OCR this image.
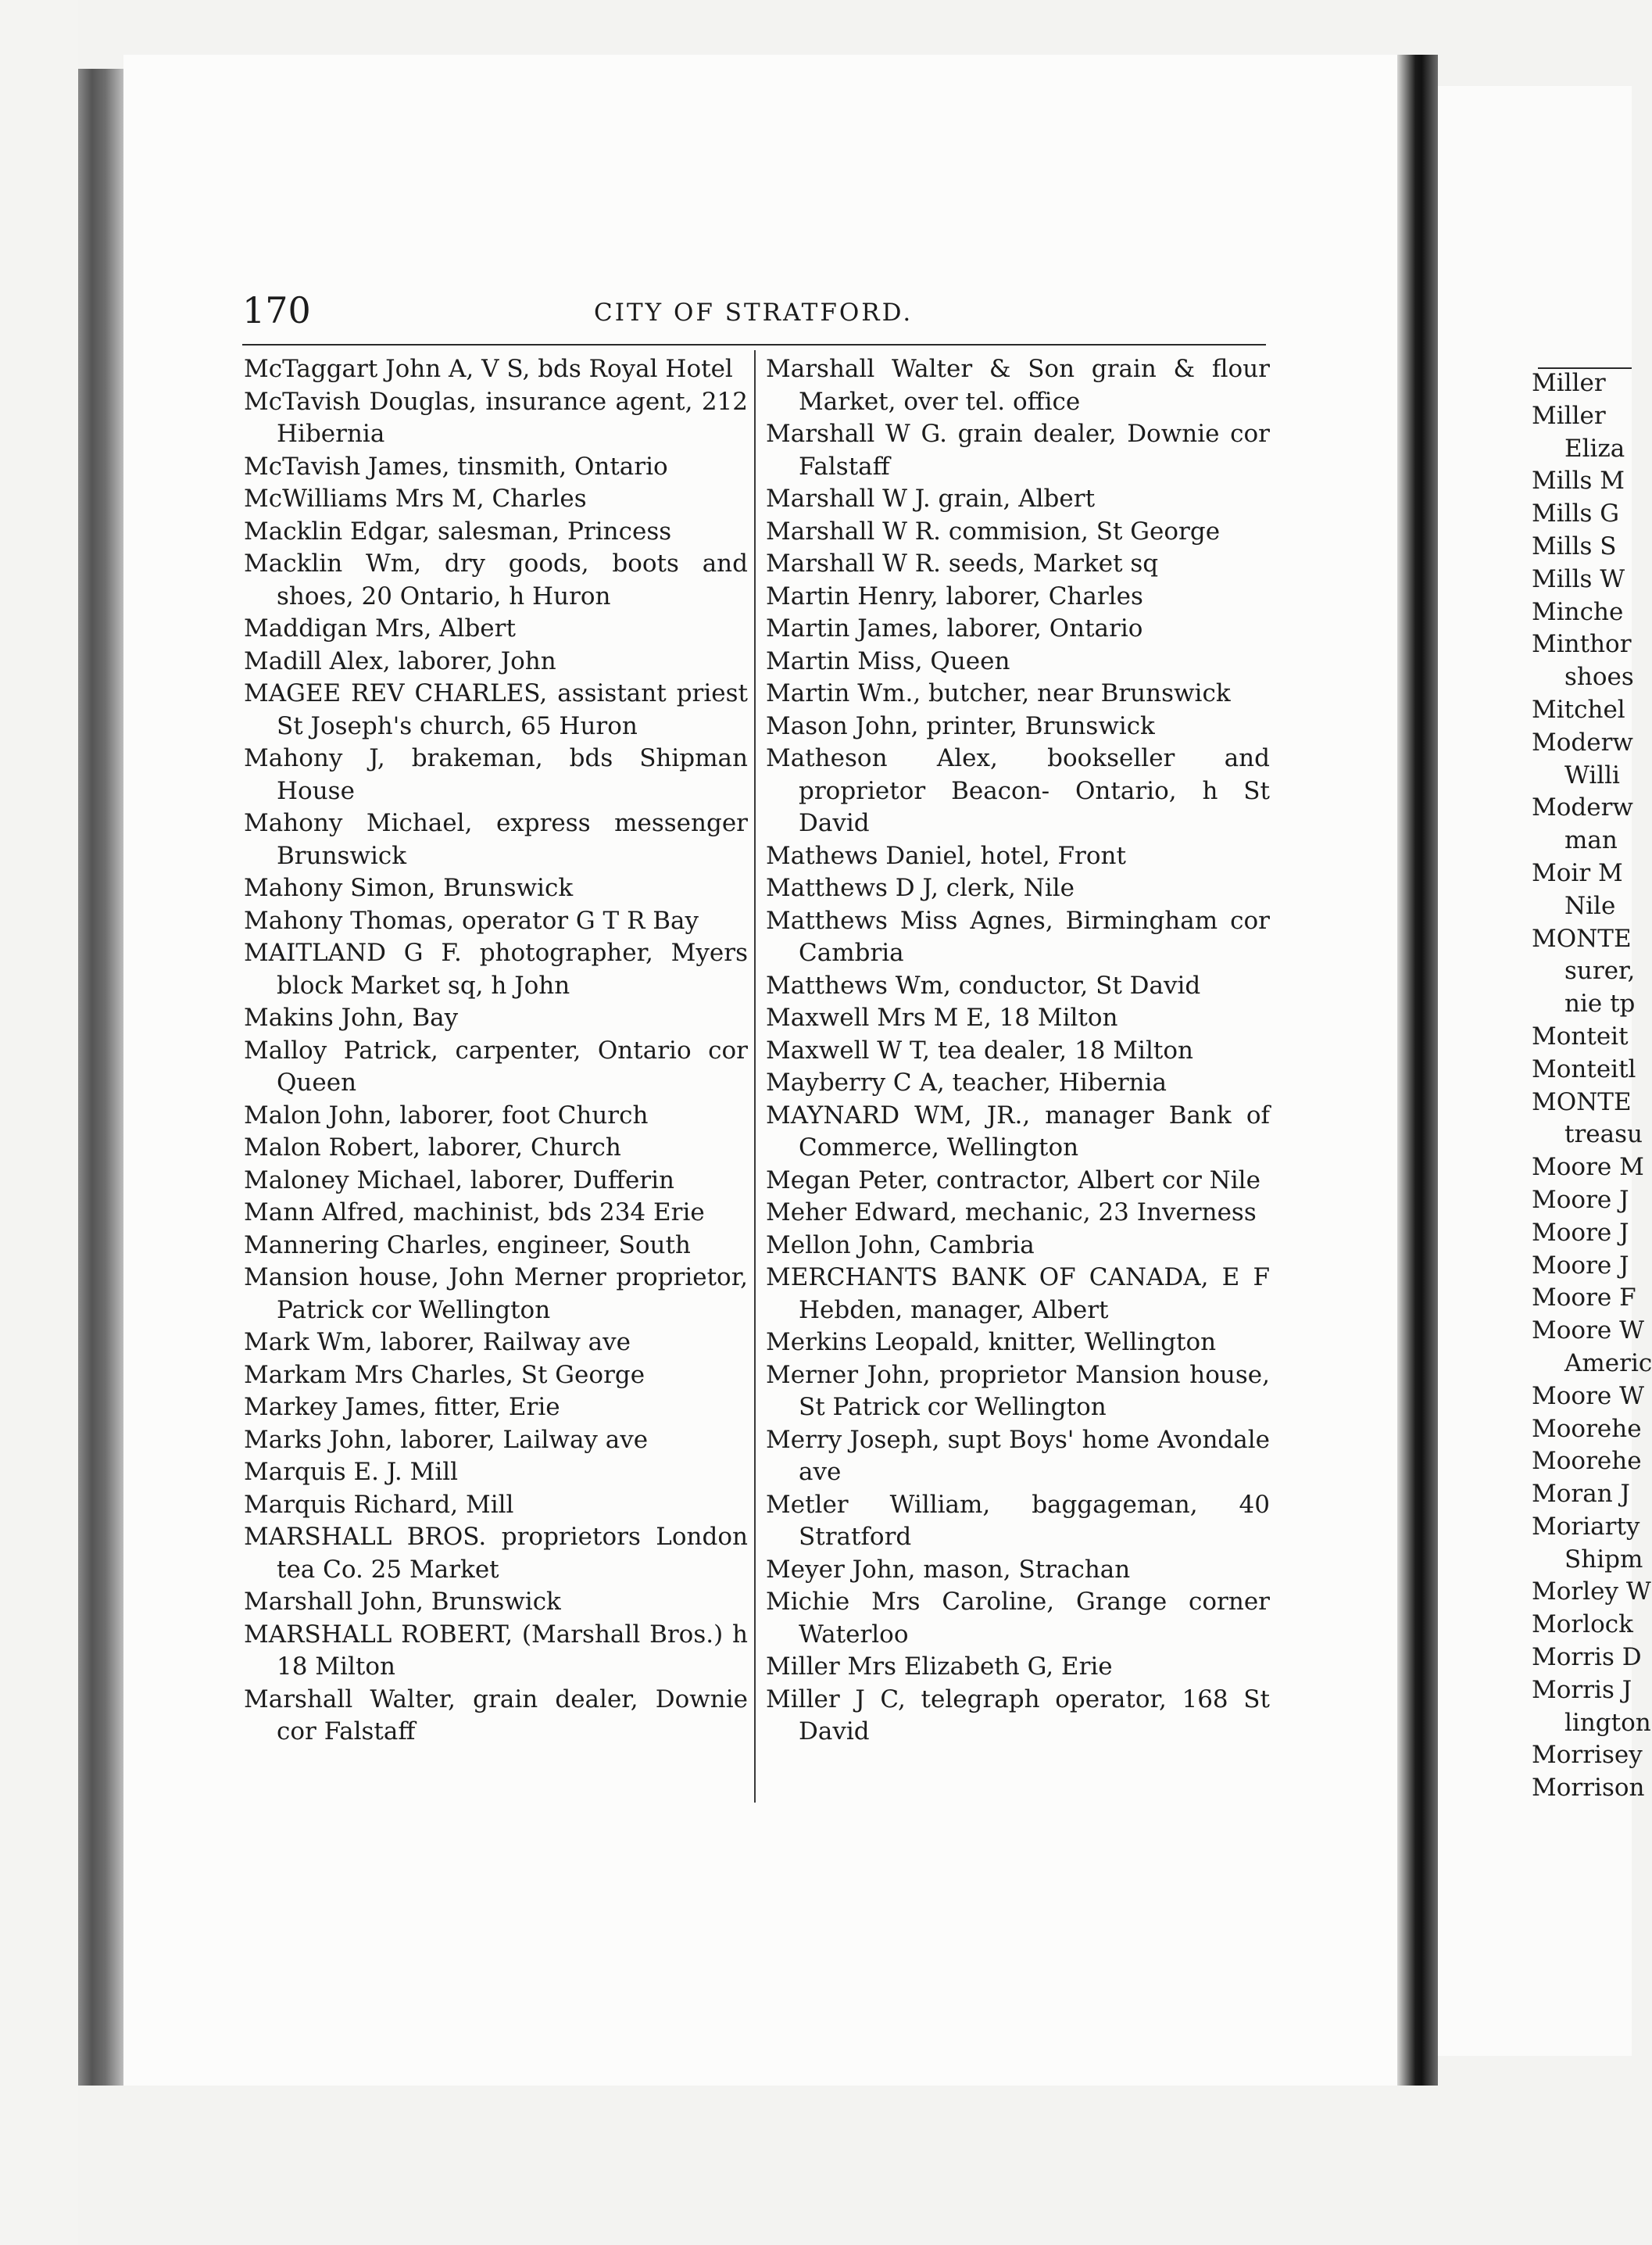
170	CITY OF STRATFORD.

McTaggart John A, V S, bds Royal Hotel

McTavish Douglas, insurance agent, 212 Hibernia

McTavish James, tinsmith, Ontario

McWilliams Mrs M, Charles

Macklin Edgar, salesman, Princess

Macklin Wm, dry goods, boots and shoes, 20 Ontario, h Huron

Maddigan Mrs, Albert

Madill Alex, laborer, John

MAGEE REV CHARLES, assistant priest St Joseph's church, 65 Huron

Mahony J, brakeman, bds Shipman House

Mahony Michael, express messenger Brunswick

Mahony Simon, Brunswick

Mahony Thomas, operator G T R Bay

MAITLAND G F. photographer, Myers block Market sq, h John

Makins John, Bay

Malloy Patrick, carpenter, Ontario cor Queen

Malon John, laborer, foot Church

Malon Robert, laborer, Church

Maloney Michael, laborer, Dufferin

Mann Alfred, machinist, bds 234 Erie

Mannering Charles, engineer, South

Mansion house, John Merner proprietor, Patrick cor Wellington

Mark Wm, laborer, Railway ave

Markam Mrs Charles, St George

Markey James, fitter, Erie

Marks John, laborer, Lailway ave

Marquis E. J. Mill

Marquis Richard, Mill

MARSHALL BROS. proprietors London tea Co. 25 Market

Marshall John, Brunswick

MARSHALL ROBERT, (Marshall Bros.) h 18 Milton

Marshall Walter, grain dealer, Downie cor Falstaff

Marshall Walter & Son grain & flour Market, over tel. office

Marshall W G. grain dealer, Downie cor Falstaff

Marshall W J. grain, Albert

Marshall W R. commision, St George

Marshall W R. seeds, Market sq

Martin Henry, laborer, Charles

Martin James, laborer, Ontario

Martin Miss, Queen

Martin Wm., butcher, near Brunswick

Mason John, printer, Brunswick

Matheson Alex, bookseller and proprietor Beacon- Ontario, h St David

Mathews Daniel, hotel, Front

Matthews D J, clerk, Nile

Matthews Miss Agnes, Birmingham cor Cambria

Matthews Wm, conductor, St David

Maxwell Mrs M E, 18 Milton

Maxwell W T, tea dealer, 18 Milton

Mayberry C A, teacher, Hibernia

MAYNARD WM, JR., manager Bank of Commerce, Wellington

Megan Peter, contractor, Albert cor Nile

Meher Edward, mechanic, 23 Inverness

Mellon John, Cambria

MERCHANTS BANK OF CANADA, E F Hebden, manager, Albert

Merkins Leopald, knitter, Wellington

Merner John, proprietor Mansion house, St Patrick cor Wellington

Merry Joseph, supt Boys' home Avondale ave

Metler William, baggageman, 40 Stratford

Meyer John, mason, Strachan

Michie Mrs Caroline, Grange corner Waterloo

Miller Mrs Elizabeth G, Erie

Miller J C, telegraph operator, 168 St David

Miller

Miller

Eliza

Mills M

Mills G

Mills S

Mills W

Minche

Minthor

shoes

Mitchel

Moderw

Willi

Moderw

man

Moir M

Nile

MONTE

surer,

nie tp

Monteit

Monteitl

MONTE

treasu

Moore M

Moore J

Moore J

Moore J

Moore F

Moore W

Americ

Moore W

Moorehe

Moorehe

Moran J

Moriarty

Shipm

Morley W

Morlock

Morris D

Morris J

lington

Morrisey

Morrison
